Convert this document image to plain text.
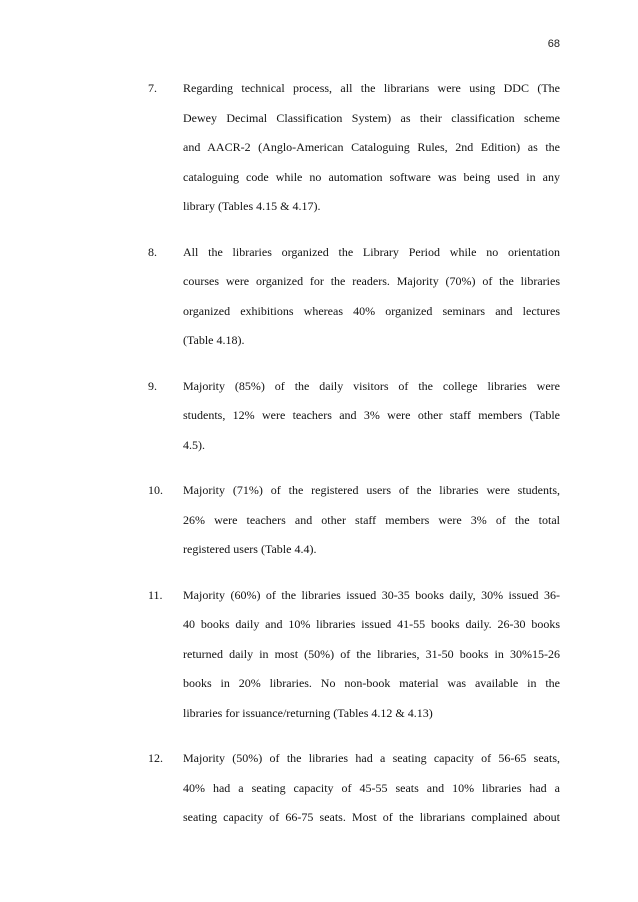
68
7.	Regarding technical process, all the librarians were using DDC (The
Dewey Decimal Classification System) as their classification scheme
and AACR-2 (Anglo-American Cataloguing Rules, 2nd Edition) as the
cataloguing code while no automation software was being used in any
library (Tables 4.15 & 4.17).
8.	All the libraries organized the Library Period while no orientation
courses were organized for the readers. Majority (70%) of the libraries
organized exhibitions whereas 40% organized seminars and lectures
(Table 4.18).
9.	Majority (85%) of the daily visitors of the college libraries were
students, 12% were teachers and 3% were other staff members (Table
4.5).
10.	Majority (71%) of the registered users of the libraries were students,
26% were teachers and other staff members were 3% of the total
registered users (Table 4.4).
11.	Majority (60%) of the libraries issued 30-35 books daily, 30% issued 36-
40 books daily and 10% libraries issued 41-55 books daily. 26-30 books
returned daily in most (50%) of the libraries, 31-50 books in 30%15-26
books in 20% libraries. No non-book material was available in the
libraries for issuance/returning (Tables 4.12 & 4.13)
12.	Majority (50%) of the libraries had a seating capacity of 56-65 seats,
40% had a seating capacity of 45-55 seats and 10% libraries had a
seating capacity of 66-75 seats. Most of the librarians complained about
